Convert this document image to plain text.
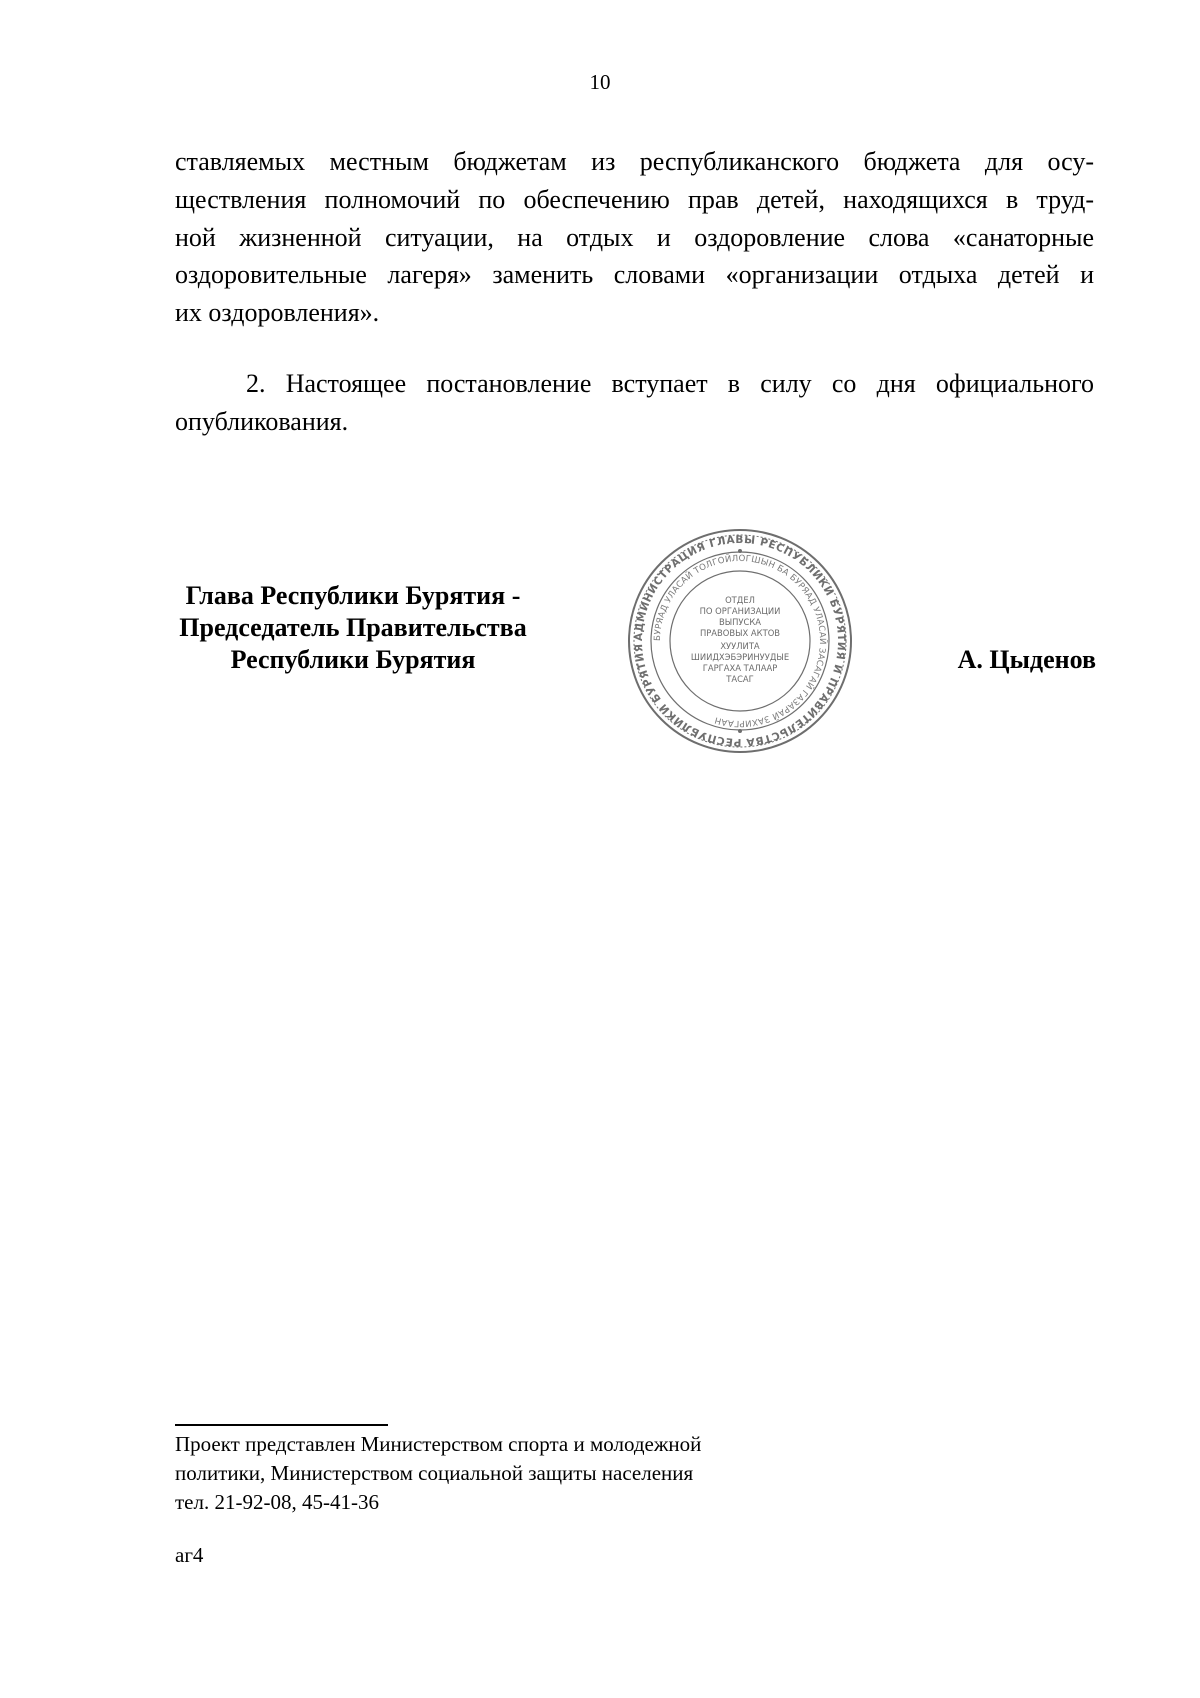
10
ставляемых местным бюджетам из республиканского бюджета для осу-
ществления полномочий по обеспечению прав детей, находящихся в труд-
ной жизненной ситуации, на отдых и оздоровление слова «санаторные
оздоровительные лагеря» заменить словами «организации отдыха детей и
их оздоровления».
2. Настоящее постановление вступает в силу со дня официального
опубликования.
Глава Республики Бурятия -
Председатель Правительства
Республики Бурятия
АДМИНИСТРАЦИЯ ГЛАВЫ РЕСПУБЛИКИ БУРЯТИЯ И ПРАВИТЕЛЬСТВА РЕСПУБЛИКИ БУРЯТИЯ
БУРЯАД УЛАСАЙ ТОЛГОЙЛОГШЫН БА БУРЯАД УЛАСАЙ ЗАСАГАЙ ГАЗАРАЙ ЗАХИРГААН
ОТДЕЛ
ПО ОРГАНИЗАЦИИ
ВЫПУСКА
ПРАВОВЫХ АКТОВ
ХУУЛИТА
ШИИДХЭБЭРИНУУДЫЕ
ГАРГАХА ТАЛААР
ТАСАГ
А. Цыденов
Проект представлен Министерством спорта и молодежной
политики, Министерством социальной защиты населения
тел. 21-92-08, 45-41-36
аг4
